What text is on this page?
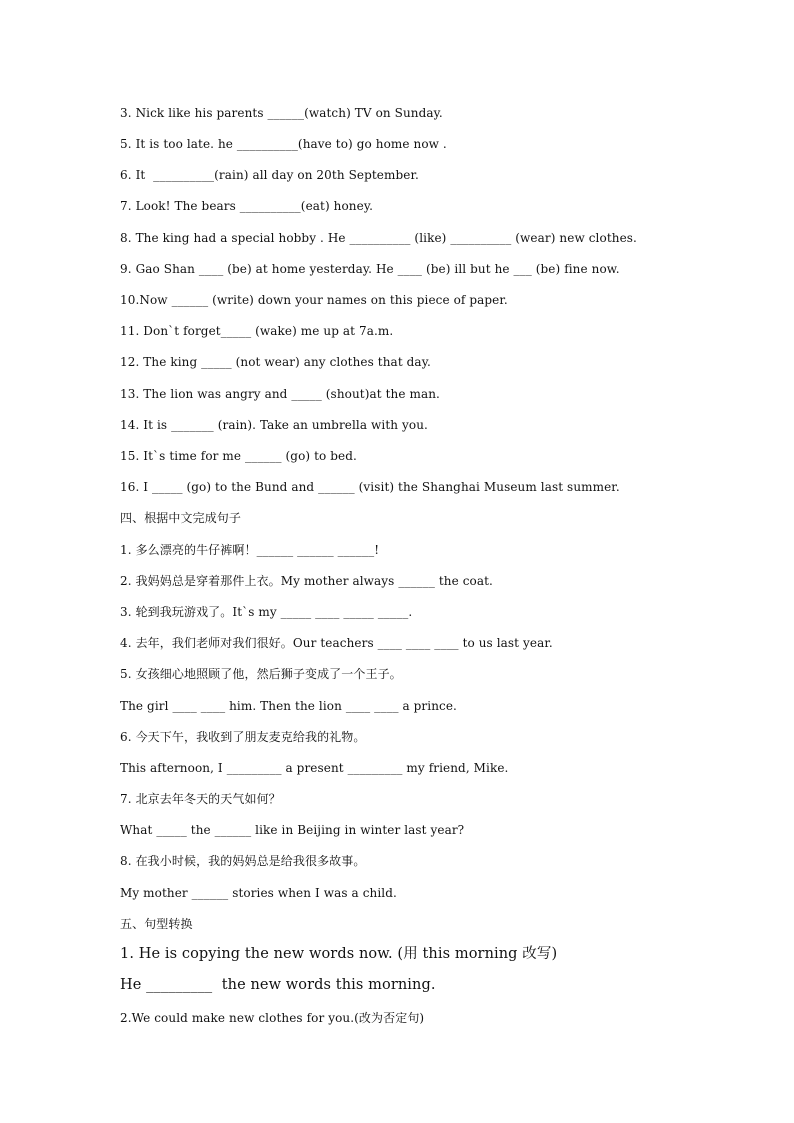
3. Nick like his parents ______(watch) TV on Sunday.
5. It is too late. he __________(have to) go home now .
6. It  __________(rain) all day on 20th September.
7. Look! The bears __________(eat) honey.
8. The king had a special hobby . He __________ (like) __________ (wear) new clothes.
9. Gao Shan ____ (be) at home yesterday. He ____ (be) ill but he ___ (be) fine now.
10.Now ______ (write) down your names on this piece of paper.
11. Don`t forget_____ (wake) me up at 7a.m.
12. The king _____ (not wear) any clothes that day.
13. The lion was angry and _____ (shout)at the man.
14. It is _______ (rain). Take an umbrella with you.
15. It`s time for me ______ (go) to bed.
16. I _____ (go) to the Bund and ______ (visit) the Shanghai Museum last summer.
四、根据中文完成句子
1. 多么漂亮的牛仔裤啊！______ ______ ______!
2. 我妈妈总是穿着那件上衣。My mother always ______ the coat.
3. 轮到我玩游戏了。It`s my _____ ____ _____ _____.
4. 去年，我们老师对我们很好。Our teachers ____ ____ ____ to us last year.
5. 女孩细心地照顾了他，然后狮子变成了一个王子。
The girl ____ ____ him. Then the lion ____ ____ a prince.
6. 今天下午，我收到了朋友麦克给我的礼物。
This afternoon, I _________ a present _________ my friend, Mike.
7. 北京去年冬天的天气如何？
What _____ the ______ like in Beijing in winter last year?
8. 在我小时候，我的妈妈总是给我很多故事。
My mother ______ stories when I was a child.
五、句型转换
1. He is copying the new words now. (用 this morning 改写)
He _________  the new words this morning.
2.We could make new clothes for you.(改为否定句)
